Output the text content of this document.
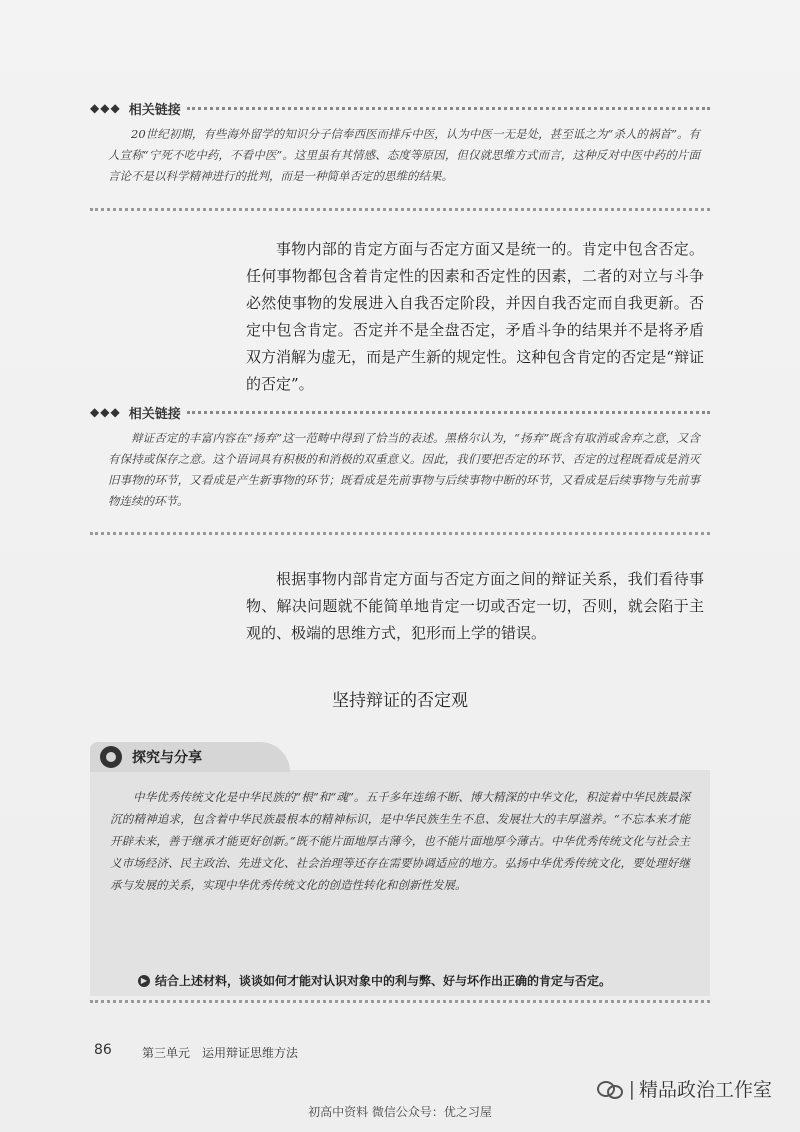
◆◆◆ 相关链接

20世纪初期，有些海外留学的知识分子信奉西医而排斥中医，认为中医一无是处，甚至诋之为“杀人的祸首”。有人宣称“宁死不吃中药，不看中医”。这里虽有其情感、态度等原因，但仅就思维方式而言，这种反对中医中药的片面言论不是以科学精神进行的批判，而是一种简单否定的思维的结果。

事物内部的肯定方面与否定方面又是统一的。肯定中包含否定。任何事物都包含着肯定性的因素和否定性的因素，二者的对立与斗争必然使事物的发展进入自我否定阶段，并因自我否定而自我更新。否定中包含肯定。否定并不是全盘否定，矛盾斗争的结果并不是将矛盾双方消解为虚无，而是产生新的规定性。这种包含肯定的否定是“辩证的否定”。

◆◆◆ 相关链接

辩证否定的丰富内容在“扬弃”这一范畴中得到了恰当的表述。黑格尔认为，“扬弃”既含有取消或舍弃之意，又含有保持或保存之意。这个语词具有积极的和消极的双重意义。因此，我们要把否定的环节、否定的过程既看成是消灭旧事物的环节，又看成是产生新事物的环节；既看成是先前事物与后续事物中断的环节，又看成是后续事物与先前事物连续的环节。

根据事物内部肯定方面与否定方面之间的辩证关系，我们看待事物、解决问题就不能简单地肯定一切或否定一切，否则，就会陷于主观的、极端的思维方式，犯形而上学的错误。

坚持辩证的否定观

中华优秀传统文化是中华民族的“根”和“魂”。五千多年连绵不断、博大精深的中华文化，积淀着中华民族最深沉的精神追求，包含着中华民族最根本的精神标识，是中华民族生生不息、发展壮大的丰厚滋养。“不忘本来才能开辟未来，善于继承才能更好创新。”既不能片面地厚古薄今，也不能片面地厚今薄古。中华优秀传统文化与社会主义市场经济、民主政治、先进文化、社会治理等还存在需要协调适应的地方。弘扬中华优秀传统文化，要处理好继承与发展的关系，实现中华优秀传统文化的创造性转化和创新性发展。

探究与分享
▶ 结合上述材料，谈谈如何才能对认识对象中的利与弊、好与坏作出正确的肯定与否定。
86	第三单元　运用辩证思维方法
| 精品政治工作室
初高中资料 微信公众号：优之习屋
